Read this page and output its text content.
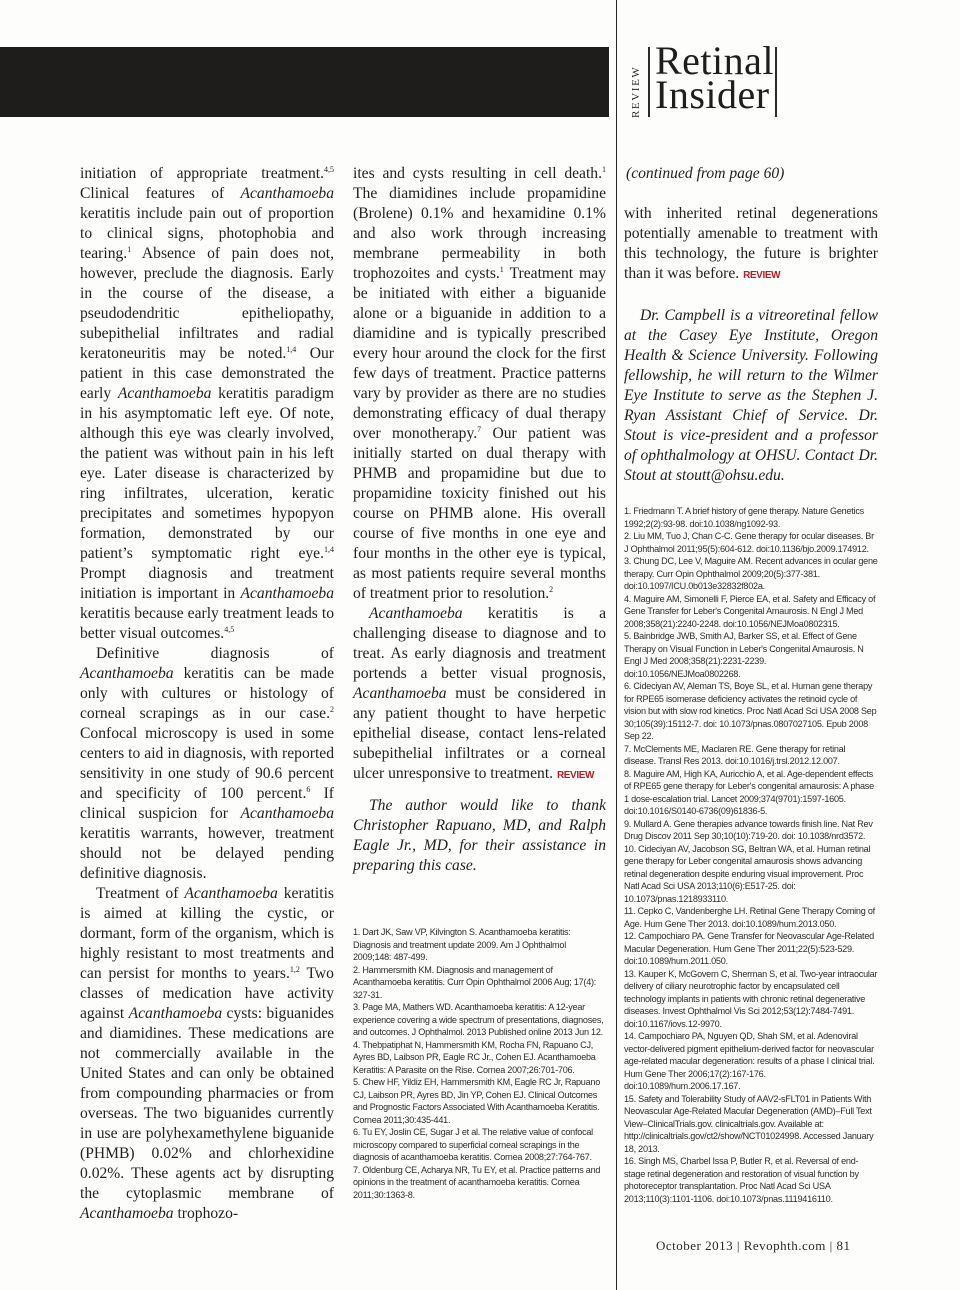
REVIEW
Retinal
Insider

initiation of appropriate treatment.$^{4,5}$ Clinical features of Acanthamoeba keratitis include pain out of proportion to clinical signs, photophobia and tearing.$^1$ Absence of pain does not, however, preclude the diagnosis. Early in the course of the disease, a pseudodendritic epitheliopathy, subepithelial infiltrates and radial keratoneuritis may be noted.$^{1,4}$ Our patient in this case demonstrated the early Acanthamoeba keratitis paradigm in his asymptomatic left eye. Of note, although this eye was clearly involved, the patient was without pain in his left eye. Later disease is characterized by ring infiltrates, ulceration, keratic precipitates and sometimes hypopyon formation, demonstrated by our patient’s symptomatic right eye.$^{1,4}$ Prompt diagnosis and treatment initiation is important in Acanthamoeba keratitis because early treatment leads to better visual outcomes.$^{4,5}$

Definitive diagnosis of Acanthamoeba keratitis can be made only with cultures or histology of corneal scrapings as in our case.$^2$ Confocal microscopy is used in some centers to aid in diagnosis, with reported sensitivity in one study of 90.6 percent and specificity of 100 percent.$^6$ If clinical suspicion for Acanthamoeba keratitis warrants, however, treatment should not be delayed pending definitive diagnosis.

Treatment of Acanthamoeba keratitis is aimed at killing the cystic, or dormant, form of the organism, which is highly resistant to most treatments and can persist for months to years.$^{1,2}$ Two classes of medication have activity against Acanthamoeba cysts: biguanides and diamidines. These medications are not commercially available in the United States and can only be obtained from compounding pharmacies or from overseas. The two biguanides currently in use are polyhexamethylene biguanide (PHMB) 0.02% and chlorhexidine 0.02%. These agents act by disrupting the cytoplasmic membrane of Acanthamoeba trophozo-

ites and cysts resulting in cell death.$^1$ The diamidines include propamidine (Brolene) 0.1% and hexamidine 0.1% and also work through increasing membrane permeability in both trophozoites and cysts.$^1$ Treatment may be initiated with either a biguanide alone or a biguanide in addition to a diamidine and is typically prescribed every hour around the clock for the first few days of treatment. Practice patterns vary by provider as there are no studies demonstrating efficacy of dual therapy over monotherapy.$^7$ Our patient was initially started on dual therapy with PHMB and propamidine but due to propamidine toxicity finished out his course on PHMB alone. His overall course of five months in one eye and four months in the other eye is typical, as most patients require several months of treatment prior to resolution.$^2$

Acanthamoeba keratitis is a challenging disease to diagnose and to treat. As early diagnosis and treatment portends a better visual prognosis, Acanthamoeba must be considered in any patient thought to have herpetic epithelial disease, contact lens-related subepithelial infiltrates or a corneal ulcer unresponsive to treatment. REVIEW

The author would like to thank Christopher Rapuano, MD, and Ralph Eagle Jr., MD, for their assistance in preparing this case.

1. Dart JK, Saw VP, Kilvington S. Acanthamoeba keratitis: Diagnosis and treatment update 2009. Am J Ophthalmol 2009;148: 487-499.

2. Hammersmith KM. Diagnosis and management of Acanthamoeba keratitis. Curr Opin Ophthalmol 2006 Aug; 17(4): 327-31.

3. Page MA, Mathers WD. Acanthamoeba keratitis: A 12-year experience covering a wide spectrum of presentations, diagnoses, and outcomes. J Ophthalmol. 2013 Published online 2013 Jun 12.

4. Thebpatiphat N, Hammersmith KM, Rocha FN, Rapuano CJ, Ayres BD, Laibson PR, Eagle RC Jr., Cohen EJ. Acanthamoeba Keratitis: A Parasite on the Rise. Cornea 2007;26:701-706.

5. Chew HF, Yildiz EH, Hammersmith KM, Eagle RC Jr, Rapuano CJ, Laibson PR, Ayres BD, Jin YP, Cohen EJ. Clinical Outcomes and Prognostic Factors Associated With Acanthamoeba Keratitis. Cornea 2011;30:435-441.

6. Tu EY, Joslin CE, Sugar J et al. The relative value of confocal microscopy compared to superficial corneal scrapings in the diagnosis of acanthamoeba keratitis. Cornea 2008;27:764-767.

7. Oldenburg CE, Acharya NR, Tu EY, et al. Practice patterns and opinions in the treatment of acanthamoeba keratitis. Cornea 2011;30:1363-8.

(continued from page 60)

with inherited retinal degenerations potentially amenable to treatment with this technology, the future is brighter than it was before. REVIEW

Dr. Campbell is a vitreoretinal fellow at the Casey Eye Institute, Oregon Health & Science University. Following fellowship, he will return to the Wilmer Eye Institute to serve as the Stephen J. Ryan Assistant Chief of Service. Dr. Stout is vice-president and a professor of ophthalmology at OHSU. Contact Dr. Stout at stoutt@ohsu.edu.

1. Friedmann T. A brief history of gene therapy. Nature Genetics 1992;2(2):93-98. doi:10.1038/ng1092-93.

2. Liu MM, Tuo J, Chan C-C. Gene therapy for ocular diseases. Br J Ophthalmol 2011;95(5):604-612. doi:10.1136/bjo.2009.174912.

3. Chung DC, Lee V, Maguire AM. Recent advances in ocular gene therapy. Curr Opin Ophthalmol 2009;20(5):377-381. doi:10.1097/ICU.0b013e32832f802a.

4. Maguire AM, Simonelli F, Pierce EA, et al. Safety and Efficacy of Gene Transfer for Leber's Congenital Amaurosis. N Engl J Med 2008;358(21):2240-2248. doi:10.1056/NEJMoa0802315.

5. Bainbridge JWB, Smith AJ, Barker SS, et al. Effect of Gene Therapy on Visual Function in Leber's Congenital Amaurosis. N Engl J Med 2008;358(21):2231-2239. doi:10.1056/NEJMoa0802268.

6. Cideciyan AV, Aleman TS, Boye SL, et al. Human gene therapy for RPE65 isomerase deficiency activates the retinoid cycle of vision but with slow rod kinetics. Proc Natl Acad Sci USA 2008 Sep 30;105(39):15112-7. doi: 10.1073/pnas.0807027105. Epub 2008 Sep 22.

7. McClements ME, Maclaren RE. Gene therapy for retinal disease. Transl Res 2013. doi:10.1016/j.trsl.2012.12.007.

8. Maguire AM, High KA, Auricchio A, et al. Age-dependent effects of RPE65 gene therapy for Leber's congenital amaurosis: A phase 1 dose-escalation trial. Lancet 2009;374(9701):1597-1605. doi:10.1016/S0140-6736(09)61836-5.

9. Mullard A. Gene therapies advance towards finish line. Nat Rev Drug Discov 2011 Sep 30;10(10):719-20. doi: 10.1038/nrd3572.

10. Cideciyan AV, Jacobson SG, Beltran WA, et al. Human retinal gene therapy for Leber congenital amaurosis shows advancing retinal degeneration despite enduring visual improvement. Proc Natl Acad Sci USA 2013;110(6):E517-25. doi: 10.1073/pnas.1218933110.

11. Cepko C, Vandenberghe LH. Retinal Gene Therapy Coming of Age. Hum Gene Ther 2013. doi:10.1089/hum.2013.050.

12. Campochiaro PA. Gene Transfer for Neovascular Age-Related Macular Degeneration. Hum Gene Ther 2011;22(5):523-529. doi:10.1089/hum.2011.050.

13. Kauper K, McGovern C, Sherman S, et al. Two-year intraocular delivery of ciliary neurotrophic factor by encapsulated cell technology implants in patients with chronic retinal degenerative diseases. Invest Ophthalmol Vis Sci 2012;53(12):7484-7491. doi:10.1167/iovs.12-9970.

14. Campochiaro PA, Nguyen QD, Shah SM, et al. Adenoviral vector-delivered pigment epithelium-derived factor for neovascular age-related macular degeneration: results of a phase I clinical trial. Hum Gene Ther 2006;17(2):167-176. doi:10.1089/hum.2006.17.167.

15. Safety and Tolerability Study of AAV2-sFLT01 in Patients With Neovascular Age-Related Macular Degeneration (AMD)–Full Text View–ClinicalTrials.gov. clinicaltrials.gov. Available at: http://clinicaltrials.gov/ct2/show/NCT01024998. Accessed January 18, 2013.

16. Singh MS, Charbel Issa P, Butler R, et al. Reversal of end-stage retinal degeneration and restoration of visual function by photoreceptor transplantation. Proc Natl Acad Sci USA 2013;110(3):1101-1106. doi:10.1073/pnas.1119416110.

October 2013 | Revophth.com | 81
